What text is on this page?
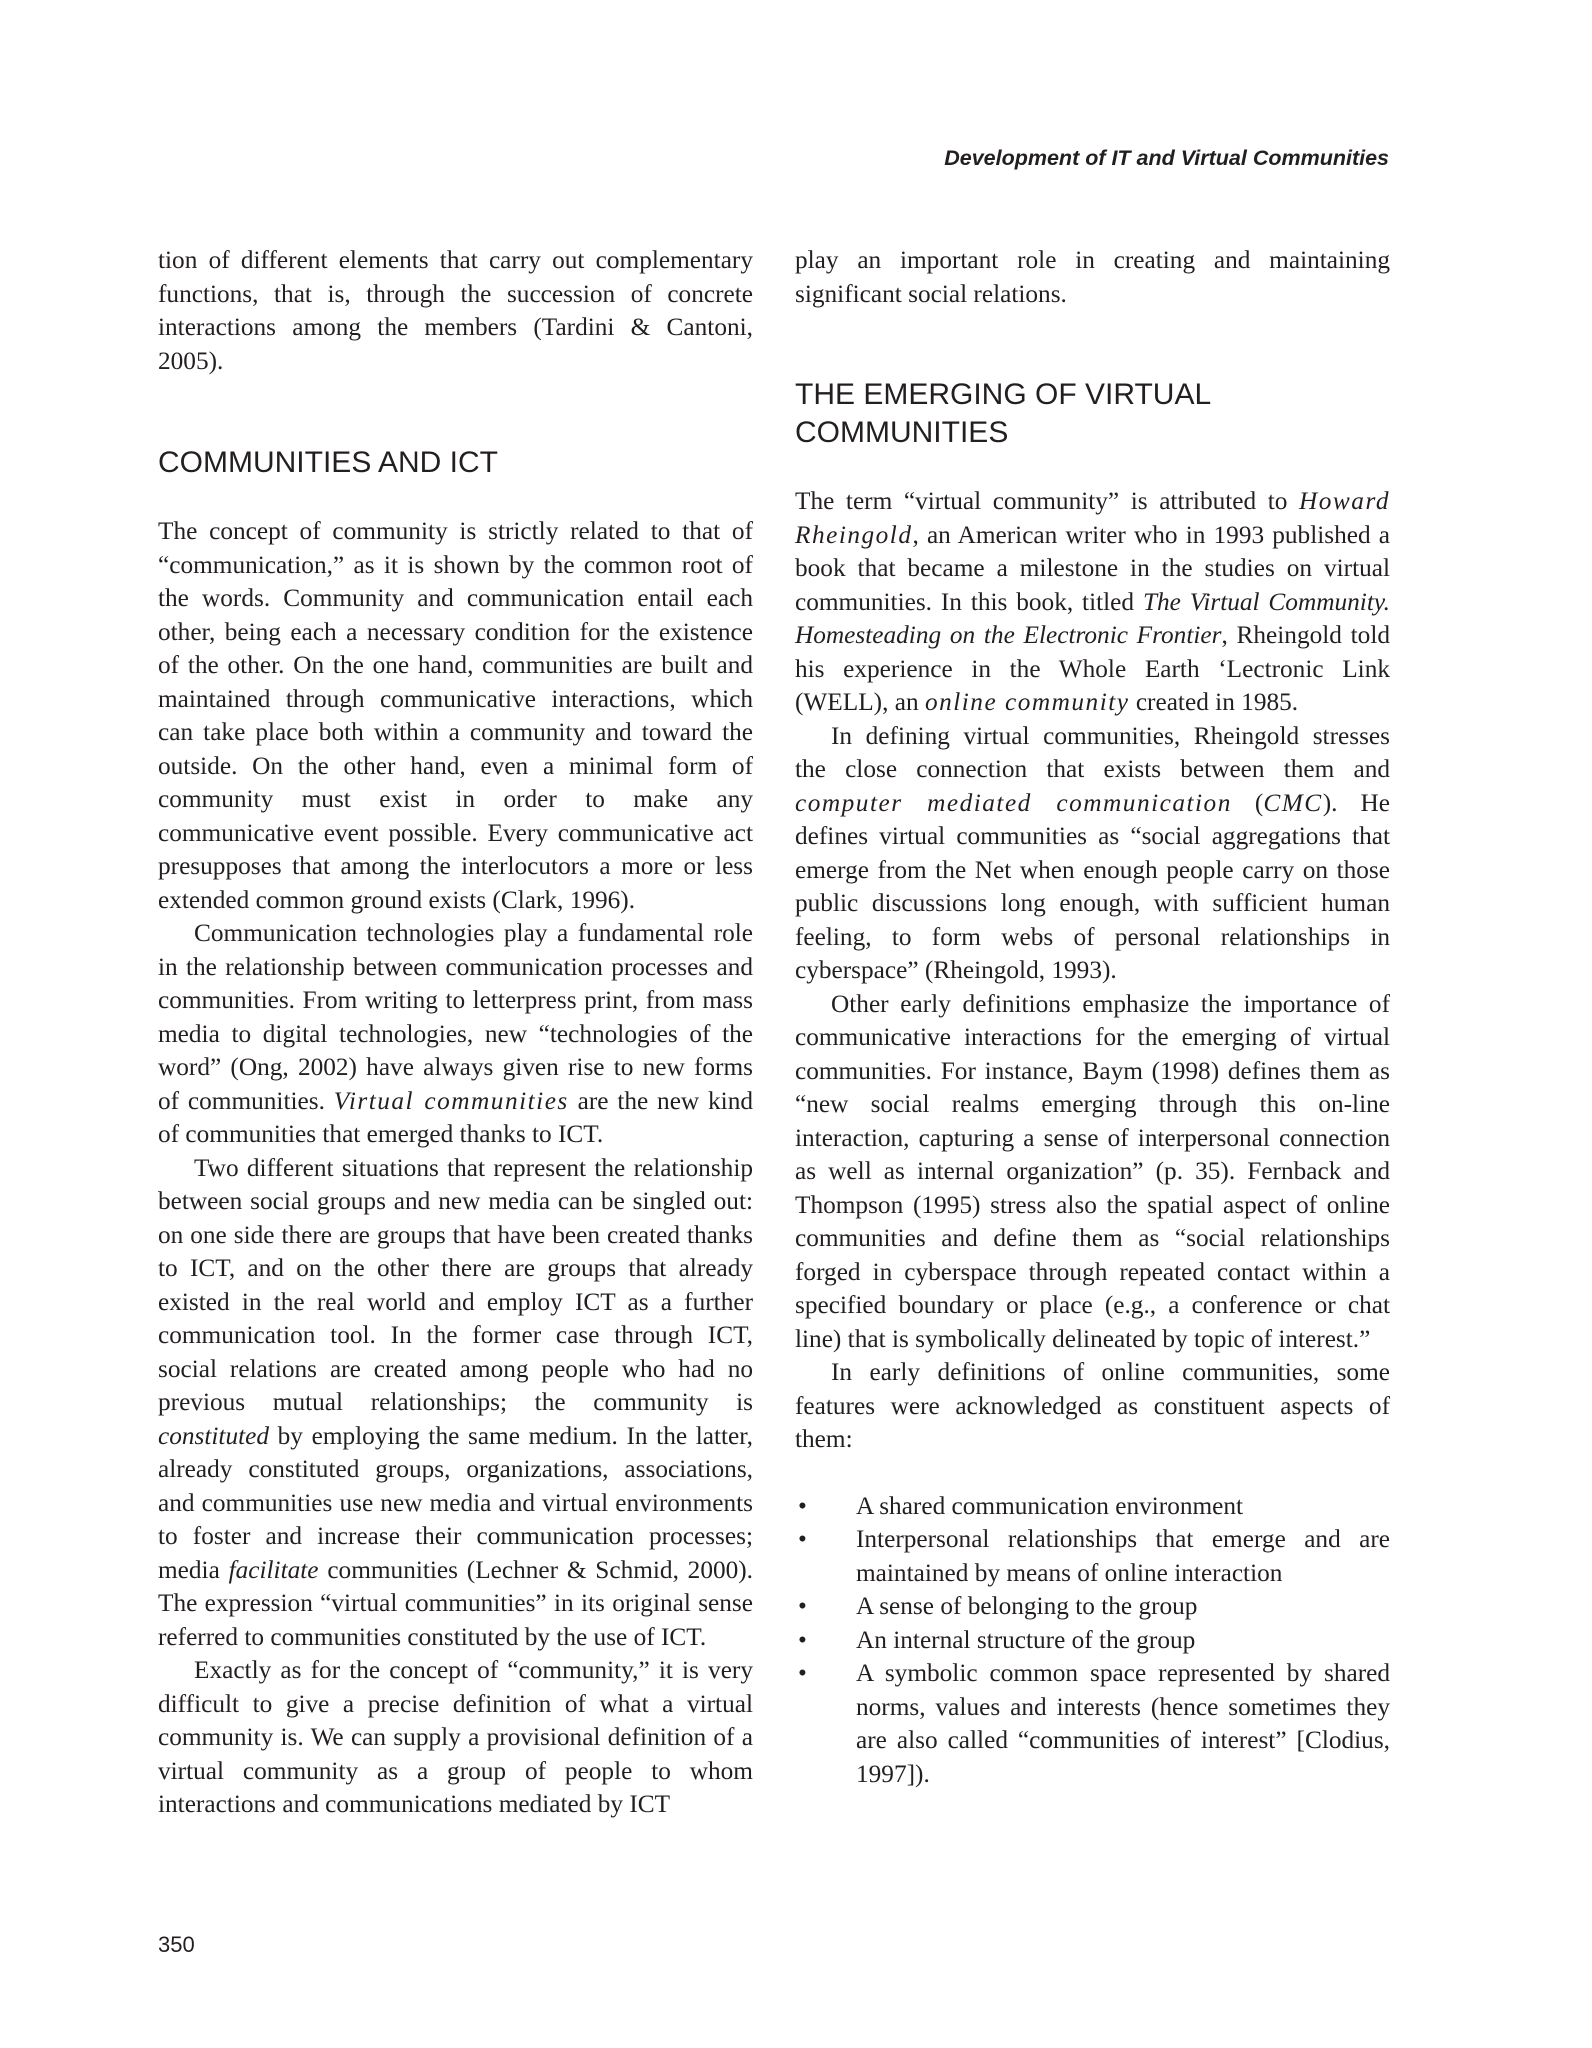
Development of IT and Virtual Communities

tion of different elements that carry out complementary functions, that is, through the succession of concrete interactions among the members (Tardini & Cantoni, 2005).

COMMUNITIES AND ICT

The concept of community is strictly related to that of “communication,” as it is shown by the common root of the words. Community and communication entail each other, being each a necessary condition for the existence of the other. On the one hand, communities are built and maintained through communicative interactions, which can take place both within a community and toward the outside. On the other hand, even a minimal form of community must exist in order to make any communicative event possible. Every communicative act presupposes that among the interlocutors a more or less extended common ground exists (Clark, 1996).

Communication technologies play a fundamental role in the relationship between communication processes and communities. From writing to letterpress print, from mass media to digital technologies, new “technologies of the word” (Ong, 2002) have always given rise to new forms of communities. Virtual communities are the new kind of communities that emerged thanks to ICT.

Two different situations that represent the relationship between social groups and new media can be singled out: on one side there are groups that have been created thanks to ICT, and on the other there are groups that already existed in the real world and employ ICT as a further communication tool. In the former case through ICT, social relations are created among people who had no previous mutual relationships; the community is constituted by employing the same medium. In the latter, already constituted groups, organizations, associations, and communities use new media and virtual environments to foster and increase their communication processes; media facilitate communities (Lechner & Schmid, 2000). The expression “virtual communities” in its original sense referred to communities constituted by the use of ICT.

Exactly as for the concept of “community,” it is very difficult to give a precise definition of what a virtual community is. We can supply a provisional definition of a virtual community as a group of people to whom interactions and communications mediated by ICT

play an important role in creating and maintaining significant social relations.

THE EMERGING OF VIRTUAL COMMUNITIES

The term “virtual community” is attributed to Howard Rheingold, an American writer who in 1993 published a book that became a milestone in the studies on virtual communities. In this book, titled The Virtual Community. Homesteading on the Electronic Frontier, Rheingold told his experience in the Whole Earth ‘Lectronic Link (WELL), an online community created in 1985.

In defining virtual communities, Rheingold stresses the close connection that exists between them and computer mediated communication (CMC). He defines virtual communities as “social aggregations that emerge from the Net when enough people carry on those public discussions long enough, with sufficient human feeling, to form webs of personal relationships in cyberspace” (Rheingold, 1993).

Other early definitions emphasize the importance of communicative interactions for the emerging of virtual communities. For instance, Baym (1998) defines them as “new social realms emerging through this on-line interaction, capturing a sense of interpersonal connection as well as internal organization” (p. 35). Fernback and Thompson (1995) stress also the spatial aspect of online communities and define them as “social relationships forged in cyberspace through repeated contact within a specified boundary or place (e.g., a conference or chat line) that is symbolically delineated by topic of interest.”

In early definitions of online communities, some features were acknowledged as constituent aspects of them:

• A shared communication environment
• Interpersonal relationships that emerge and are maintained by means of online interaction
• A sense of belonging to the group
• An internal structure of the group
• A symbolic common space represented by shared norms, values and interests (hence sometimes they are also called “communities of interest” [Clodius, 1997]).
350
